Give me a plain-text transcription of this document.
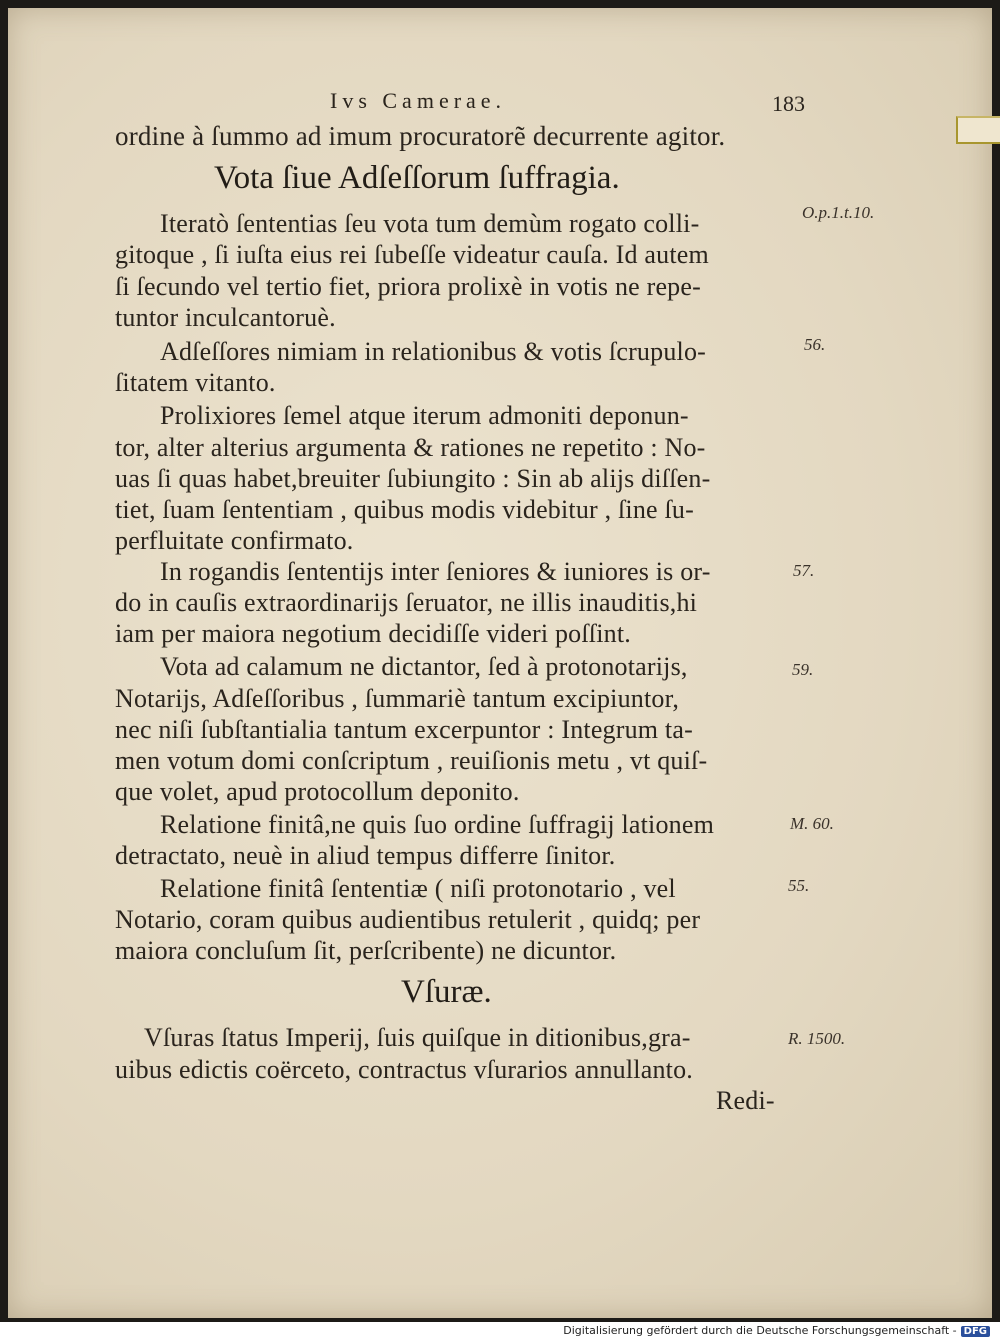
Ivs Camerae.	183
ordine à ſummo ad imum procuratorẽ decurrente agitor.
Vota ſiue Adſeſſorum ſuffragia.
Iteratò ſententias ſeu vota tum demùm rogato colli-	O.p.1.t.10.
gitoque , ſi iuſta eius rei ſubeſſe videatur cauſa. Id autem
ſi ſecundo vel tertio fiet, priora prolixè in votis ne repe-
tuntor inculcantoruè.
Adſeſſores nimiam in relationibus & votis ſcrupulo-	56.
ſitatem vitanto.
Prolixiores ſemel atque iterum admoniti deponun-
tor, alter alterius argumenta & rationes ne repetito : No-
uas ſi quas habet,breuiter ſubiungito : Sin ab alijs diſſen-
tiet, ſuam ſententiam , quibus modis videbitur , ſine ſu-
perfluitate confirmato.
In rogandis ſententijs inter ſeniores & iuniores is or-	57.
do in cauſis extraordinarijs ſeruator, ne illis inauditis,hi
iam per maiora negotium decidiſſe videri poſſint.
Vota ad calamum ne dictantor, ſed à protonotarijs,	59.
Notarijs, Adſeſſoribus , ſummariè tantum excipiuntor,
nec niſi ſubſtantialia tantum excerpuntor : Integrum ta-
men votum domi conſcriptum , reuiſionis metu , vt quiſ-
que volet, apud protocollum deponito.
Relatione finitâ,ne quis ſuo ordine ſuffragij lationem	M. 60.
detractato, neuè in aliud tempus differre ſinitor.
Relatione finitâ ſententiæ ( niſi protonotario , vel	55.
Notario, coram quibus audientibus retulerit , quidq; per
maiora concluſum ſit, perſcribente) ne dicuntor.
Vſuræ.
Vſuras ſtatus Imperij, ſuis quiſque in ditionibus,gra-	R. 1500.
uibus edictis coërceto, contractus vſurarios annullanto.
Redi-
Digitalisierung gefördert durch die Deutsche Forschungsgemeinschaft - DFG
